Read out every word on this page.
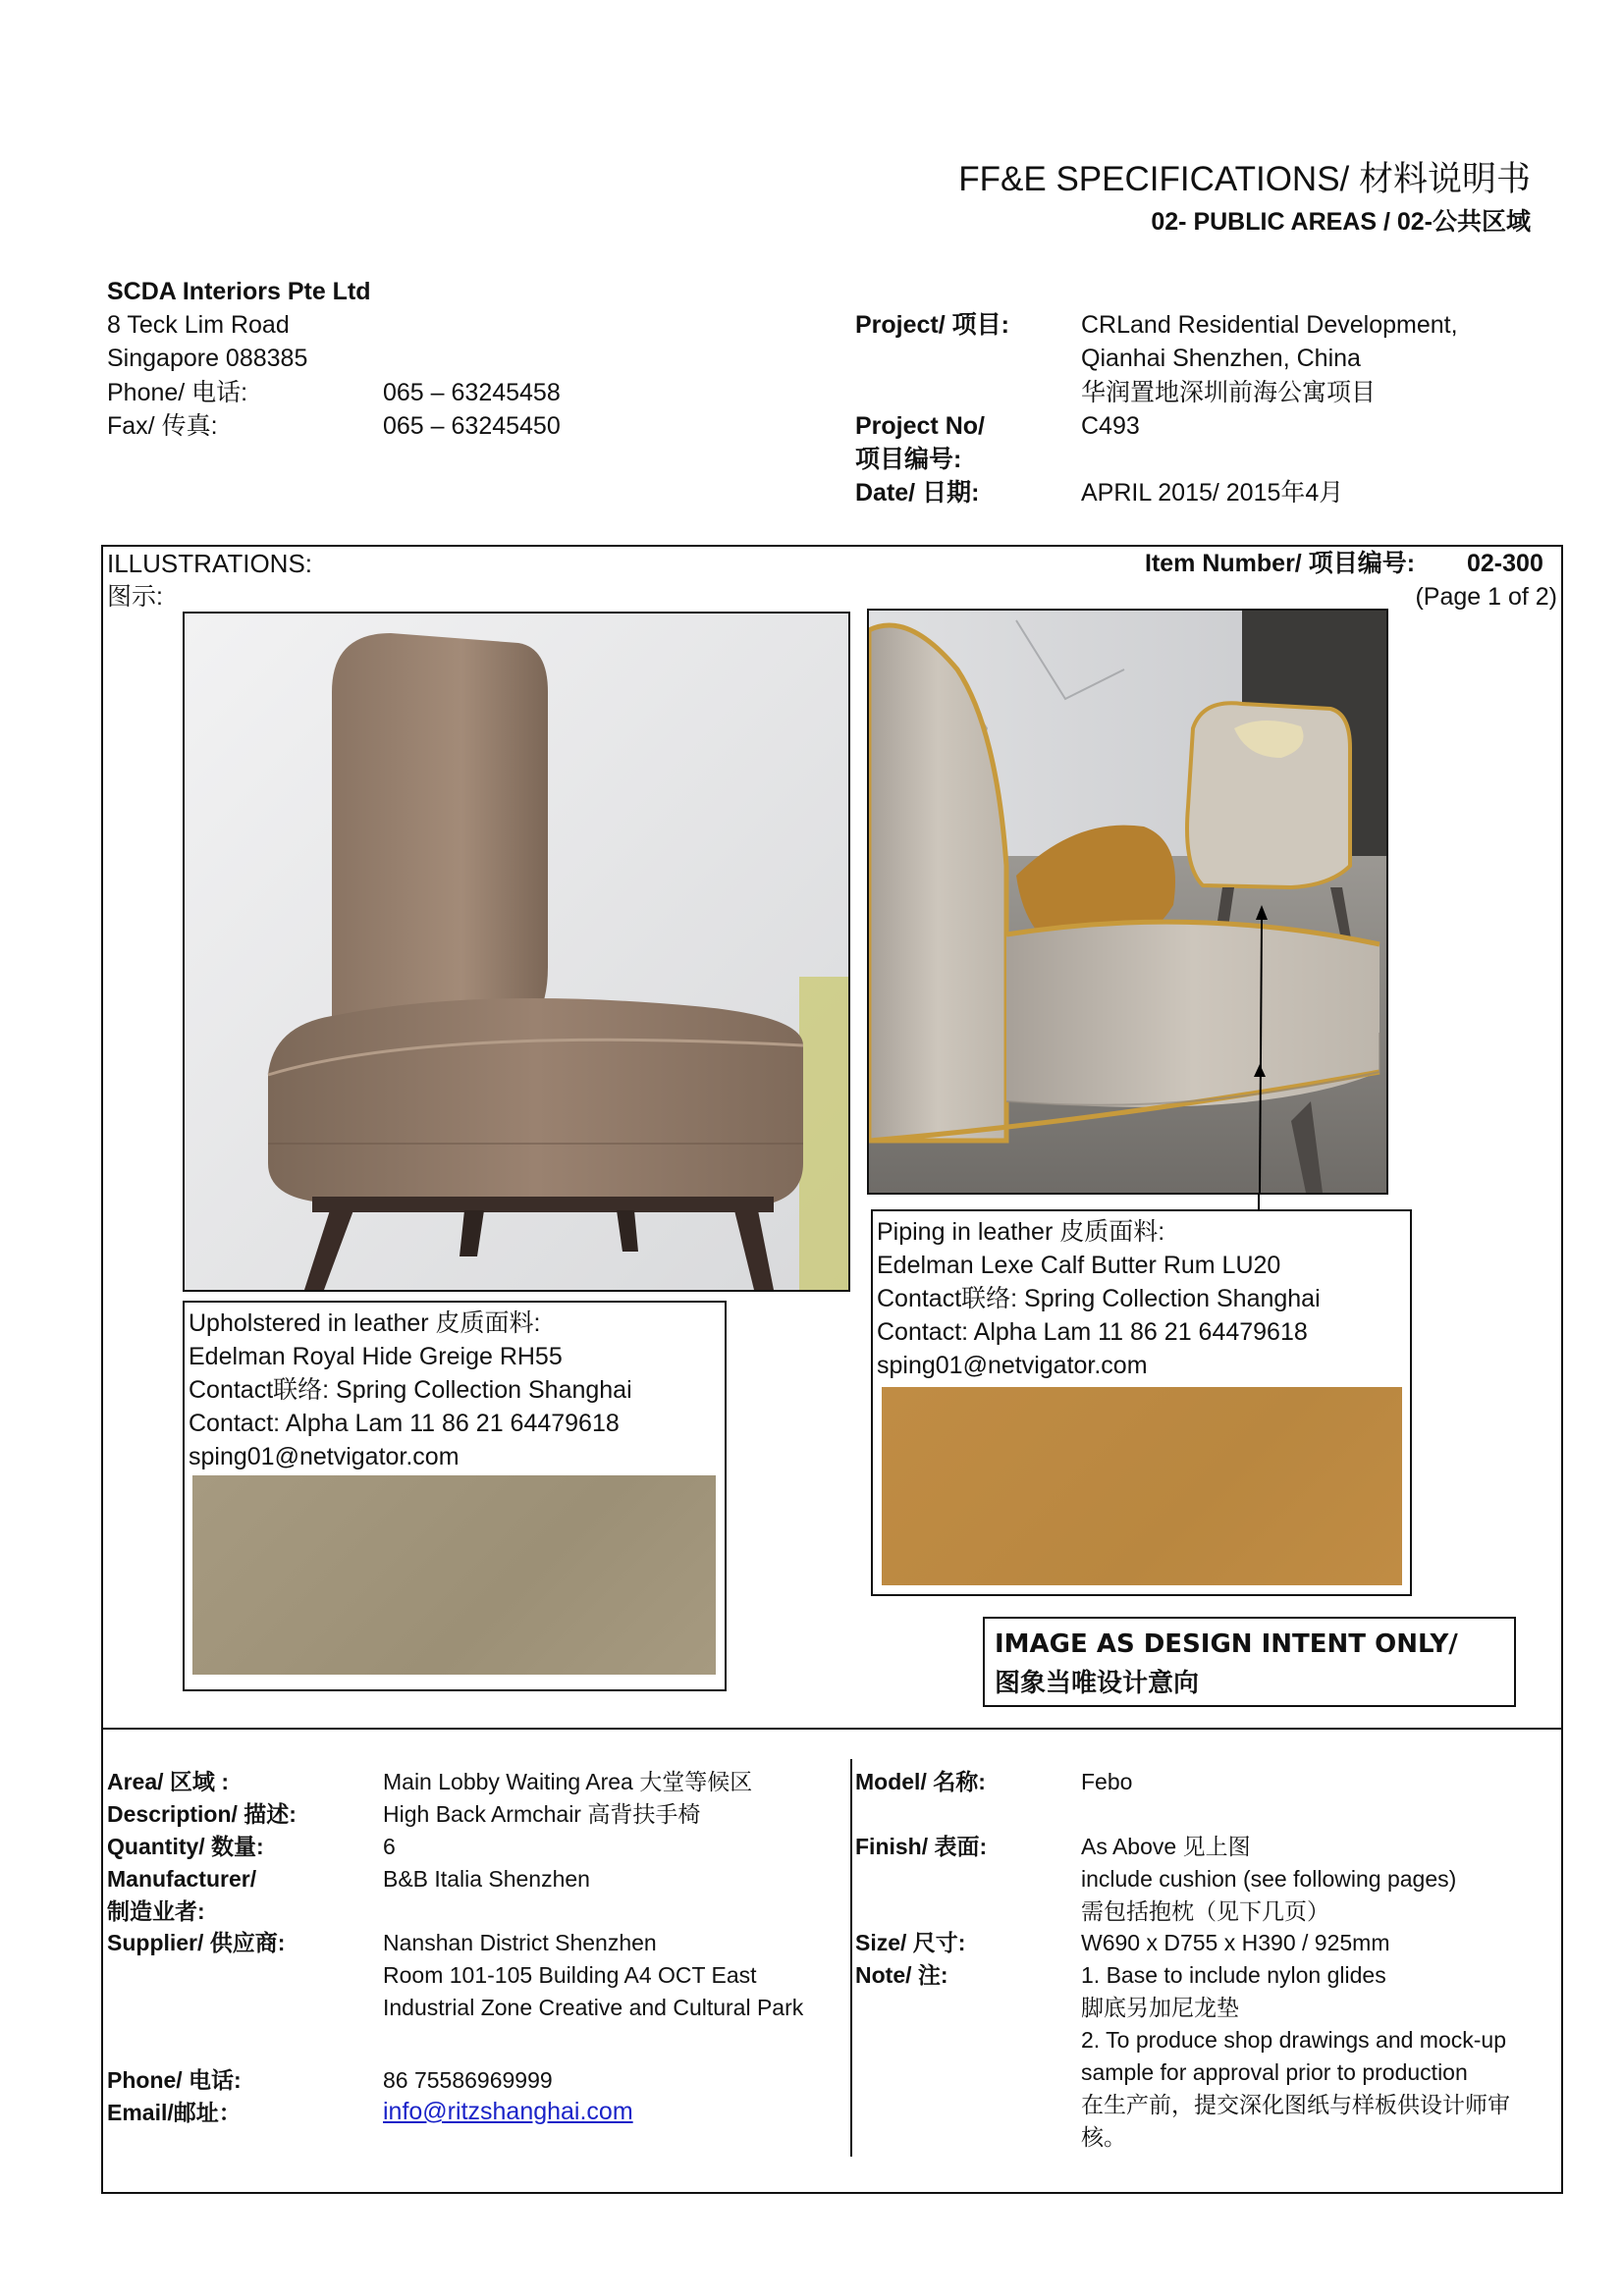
FF&E SPECIFICATIONS/ 材料说明书
02- PUBLIC AREAS / 02-公共区域
SCDA Interiors Pte Ltd
8 Teck Lim Road
Singapore 088385
Phone/ 电话:	065 – 63245458
Fax/ 传真:	065 – 63245450
Project/ 项目:	CRLand Residential Development,
Qianhai Shenzhen, China
华润置地深圳前海公寓项目
Project No/
项目编号:
C493
Date/ 日期:	APRIL 2015/ 2015年4月
ILLUSTRATIONS:
图示:
Item Number/ 项目编号: 02-300
(Page 1 of 2)
Upholstered in leather 皮质面料:
Edelman Royal Hide Greige RH55
Contact联络: Spring Collection Shanghai
Contact: Alpha Lam 11 86 21 64479618
sping01@netvigator.com
Piping in leather 皮质面料:
Edelman Lexe Calf Butter Rum LU20
Contact联络: Spring Collection Shanghai
Contact: Alpha Lam 11 86 21 64479618
sping01@netvigator.com
IMAGE AS DESIGN INTENT ONLY/
图象当唯设计意向
Area/ 区域 :	Main Lobby Waiting Area 大堂等候区
Description/ 描述:	High Back Armchair 高背扶手椅
Quantity/ 数量:	6
Manufacturer/
制造业者:
B&B Italia Shenzhen
Supplier/ 供应商:	Nanshan District Shenzhen
Room 101-105 Building A4 OCT East
Industrial Zone Creative and Cultural Park
Phone/ 电话:	86 75586969999
Email/邮址：	info@ritzshanghai.com
Model/ 名称:	Febo
Finish/ 表面:	As Above 见上图
include cushion (see following pages)
需包括抱枕（见下几页）
Size/ 尺寸:	W690 x D755 x H390 / 925mm
Note/ 注:	1. Base to include nylon glides
脚底另加尼龙垫
2. To produce shop drawings and mock-up
sample for approval prior to production
在生产前，提交深化图纸与样板供设计师审
核。
